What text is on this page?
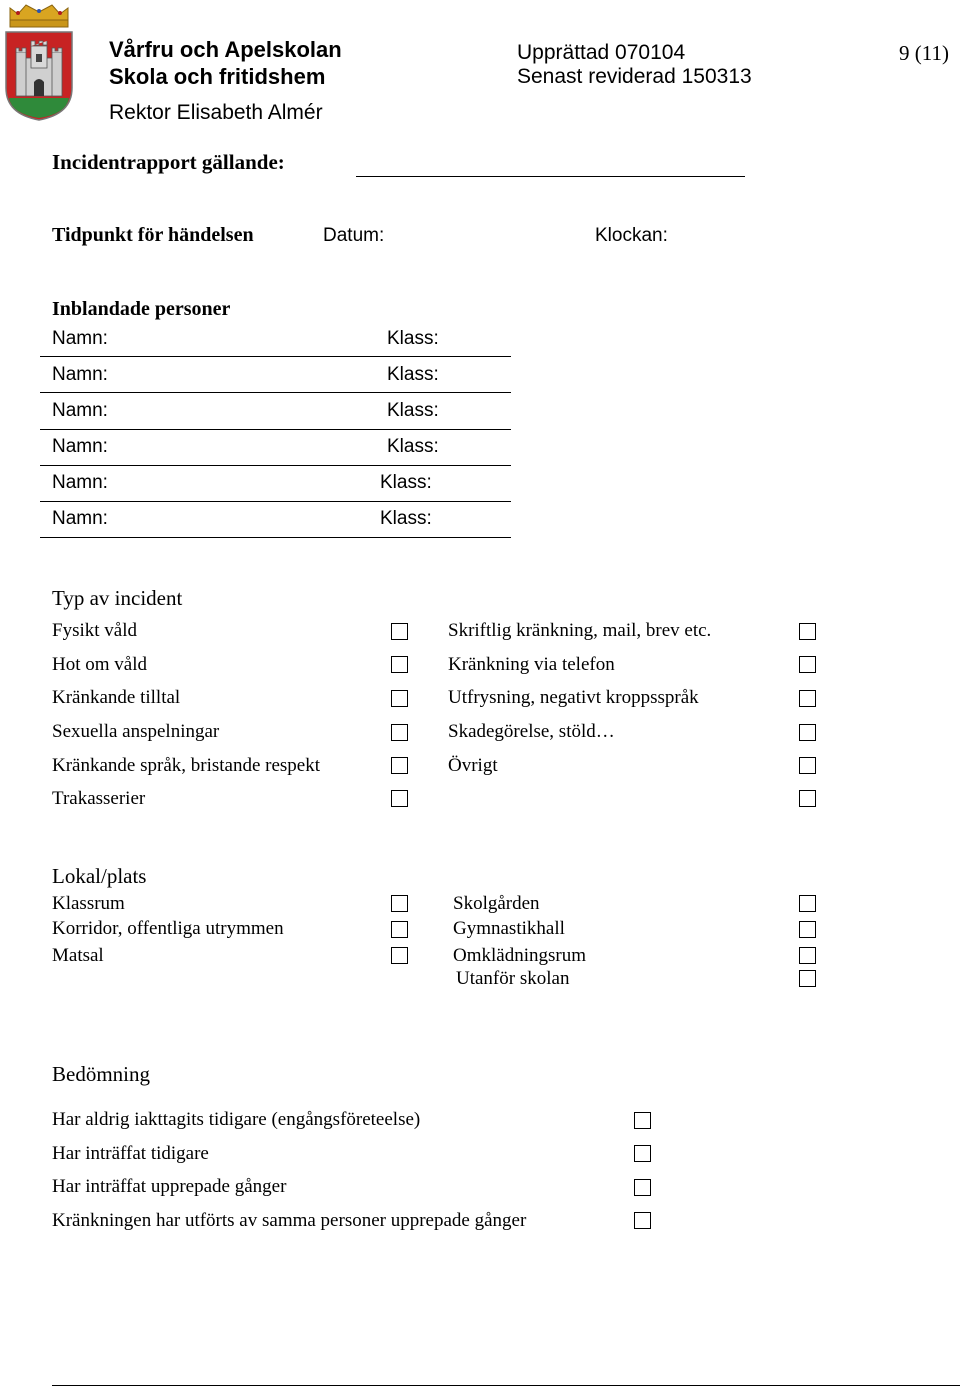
Vårfru och Apelskolan
Skola och fritidshem
Rektor Elisabeth Almér
Upprättad 070104
Senast reviderad 150313
9 (11)
Incidentrapport gällande:
Tidpunkt för händelsen	Datum:	Klockan:
Inblandade personer
Namn:	Klass:
Namn:	Klass:
Namn:	Klass:
Namn:	Klass:
Namn:	Klass:
Namn:	Klass:
Typ av incident
Fysikt våld	Skriftlig kränkning, mail, brev etc.
Hot om våld	Kränkning via telefon
Kränkande tilltal	Utfrysning, negativt kroppsspråk
Sexuella anspelningar	Skadegörelse, stöld…
Kränkande språk, bristande respekt	Övrigt
Trakasserier
Lokal/plats
Klassrum	Skolgården
Korridor, offentliga utrymmen	Gymnastikhall
Matsal	Omklädningsrum
Utanför skolan
Bedömning
Har aldrig iakttagits tidigare (engångsföreteelse)
Har inträffat tidigare
Har inträffat upprepade gånger
Kränkningen har utförts av samma personer upprepade gånger
